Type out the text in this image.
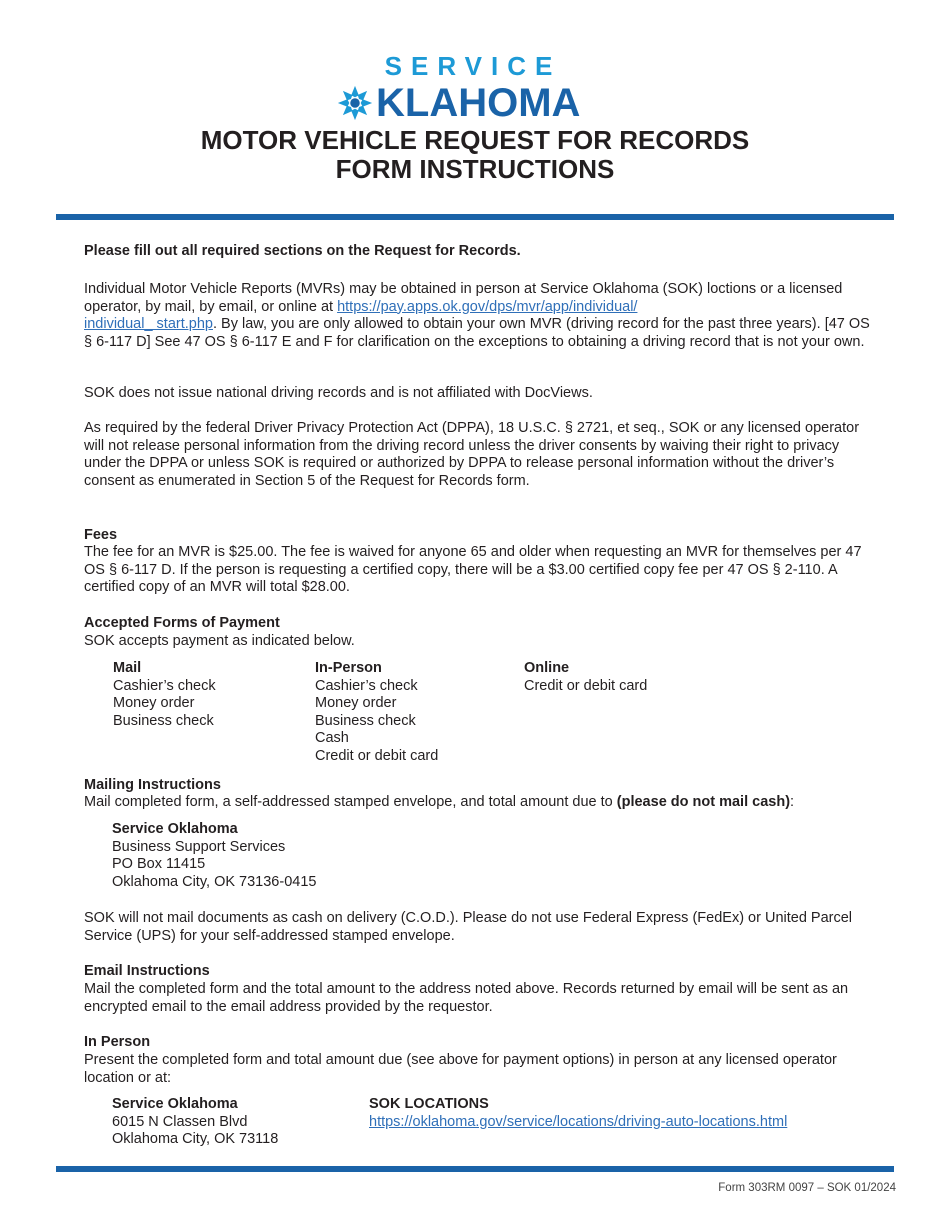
SERVICE
KLAHOMA
MOTOR VEHICLE REQUEST FOR RECORDS
FORM INSTRUCTIONS

Please fill out all required sections on the Request for Records.

Individual Motor Vehicle Reports (MVRs) may be obtained in person at Service Oklahoma (SOK) loctions or a licensed operator, by mail, by email, or online at https://pay.apps.ok.gov/dps/mvr/app/individual/
individual_ start.php. By law, you are only allowed to obtain your own MVR (driving record for the past three years). [47 OS § 6-117 D] See 47 OS § 6-117 E and F for clarification on the exceptions to obtaining a driving record that is not your own.

SOK does not issue national driving records and is not affiliated with DocViews.

As required by the federal Driver Privacy Protection Act (DPPA), 18 U.S.C. § 2721, et seq., SOK or any licensed operator will not release personal information from the driving record unless the driver consents by waiving their right to privacy under the DPPA or unless SOK is required or authorized by DPPA to release personal information without the driver’s consent as enumerated in Section 5 of the Request for Records form.

Fees

The fee for an MVR is $25.00. The fee is waived for anyone 65 and older when requesting an MVR for themselves per 47 OS § 6-117 D. If the person is requesting a certified copy, there will be a $3.00 certified copy fee per 47 OS § 2-110. A certified copy of an MVR will total $28.00.

Accepted Forms of Payment

SOK accepts payment as indicated below.

Mail
Cashier’s check
Money order
Business check
In-Person
Cashier’s check
Money order
Business check
Cash
Credit or debit card
Online
Credit or debit card

Mailing Instructions

Mail completed form, a self-addressed stamped envelope, and total amount due to (please do not mail cash):

Service Oklahoma
Business Support Services
PO Box 11415
Oklahoma City, OK 73136-0415

SOK will not mail documents as cash on delivery (C.O.D.). Please do not use Federal Express (FedEx) or United Parcel Service (UPS) for your self-addressed stamped envelope.

Email Instructions

Mail the completed form and the total amount to the address noted above. Records returned by email will be sent as an encrypted email to the email address provided by the requestor.

In Person

Present the completed form and total amount due (see above for payment options) in person at any licensed operator location or at:

Service Oklahoma
6015 N Classen Blvd
Oklahoma City, OK 73118
SOK LOCATIONS
https://oklahoma.gov/service/locations/driving-auto-locations.html
Form 303RM 0097 – SOK 01/2024
